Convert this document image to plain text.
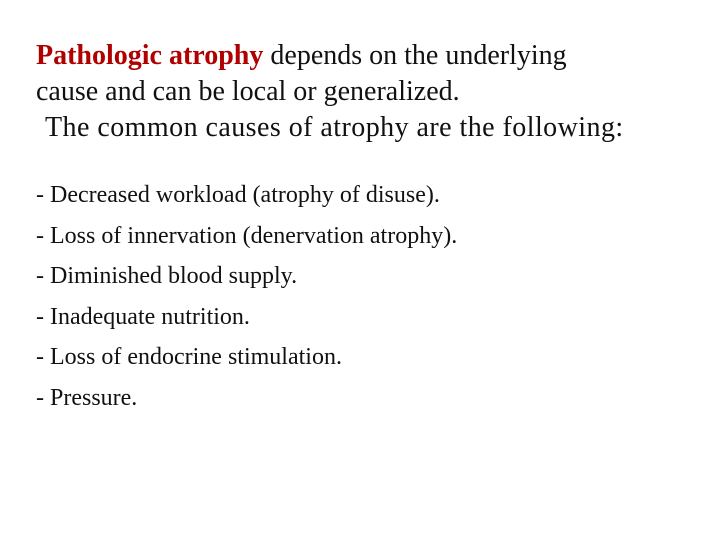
Pathologic atrophy depends on the underlying

cause and can be local or generalized.

The common causes of atrophy are the following:

- Decreased workload (atrophy of disuse).
- Loss of innervation (denervation atrophy).
- Diminished blood supply.
- Inadequate nutrition.
- Loss of endocrine stimulation.
- Pressure.
